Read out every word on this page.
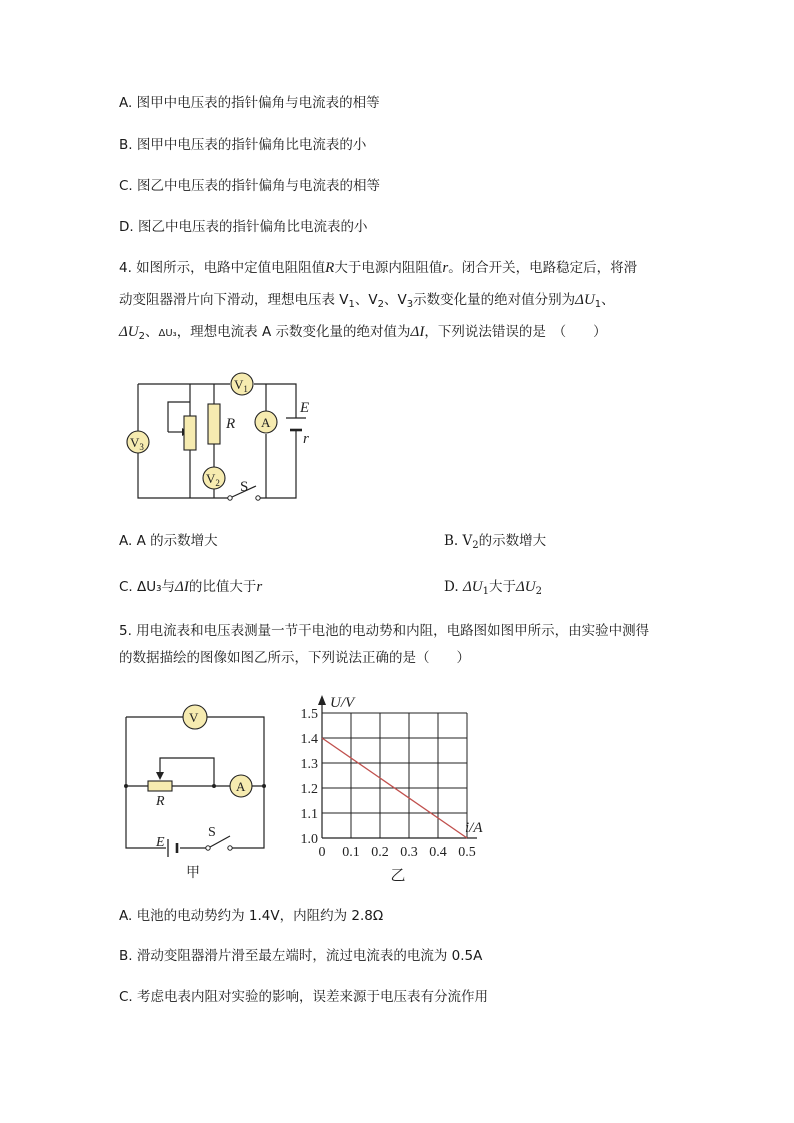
A. 图甲中电压表的指针偏角与电流表的相等
B. 图甲中电压表的指针偏角比电流表的小
C. 图乙中电压表的指针偏角与电流表的相等
D. 图乙中电压表的指针偏角比电流表的小
4. 如图所示，电路中定值电阻阻值R大于电源内阻阻值r。闭合开关，电路稳定后，将滑
动变阻器滑片向下滑动，理想电压表 $V_1$、$V_2$、$V_3$示数变化量的绝对值分别为$\Delta U_1$、
$\Delta U_2$、ΔU₃，理想电流表 A 示数变化量的绝对值为ΔI，下列说法错误的是　（　　）
R
$V_1$
A
$V_3$
$V_2$
E
r
S
A. A 的示数增大	B. $V_2$的示数增大
C. ΔU₃与ΔI的比值大于r	D. $\Delta U_1$大于$\Delta U_2$
5. 用电流表和电压表测量一节干电池的电动势和内阻，电路图如图甲所示，由实验中测得
的数据描绘的图像如图乙所示，下列说法正确的是（　　）
R
V
A
E
S
甲
0 0.1 0.2 0.3 0.4 0.5
1.0
1.1
1.2
1.3
1.4
1.5
U/V
i/A
乙
A. 电池的电动势约为 1.4V，内阻约为 2.8Ω
B. 滑动变阻器滑片滑至最左端时，流过电流表的电流为 0.5A
C. 考虑电表内阻对实验的影响，误差来源于电压表有分流作用
